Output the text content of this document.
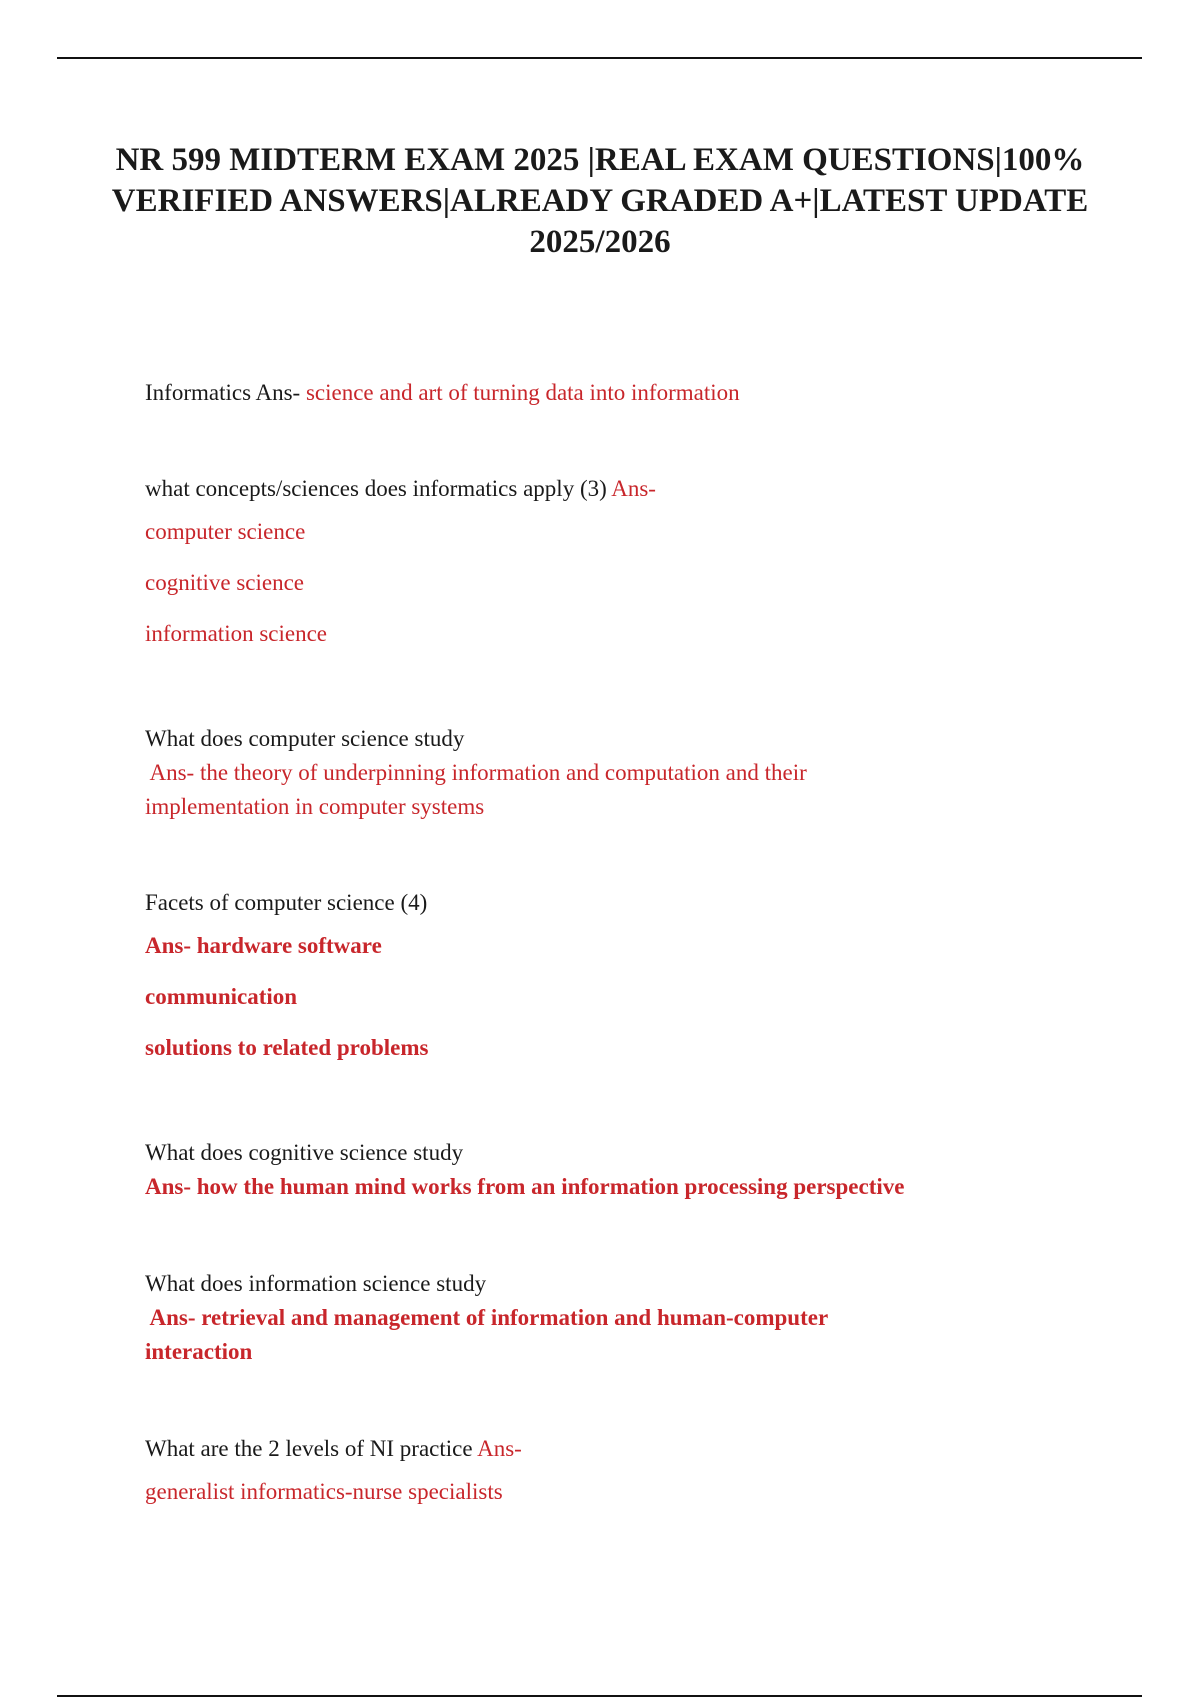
NR 599 MIDTERM EXAM 2025 |REAL EXAM QUESTIONS|100% VERIFIED ANSWERS|ALREADY GRADED A+|LATEST UPDATE 2025/2026
Informatics Ans- science and art of turning data into information
what concepts/sciences does informatics apply (3) Ans-
computer science
cognitive science
information science
What does computer science study
Ans- the theory of underpinning information and computation and their
implementation in computer systems
Facets of computer science (4)
Ans- hardware software
communication
solutions to related problems
What does cognitive science study
Ans- how the human mind works from an information processing perspective
What does information science study
Ans- retrieval and management of information and human-computer
interaction
What are the 2 levels of NI practice Ans-
generalist informatics-nurse specialists
